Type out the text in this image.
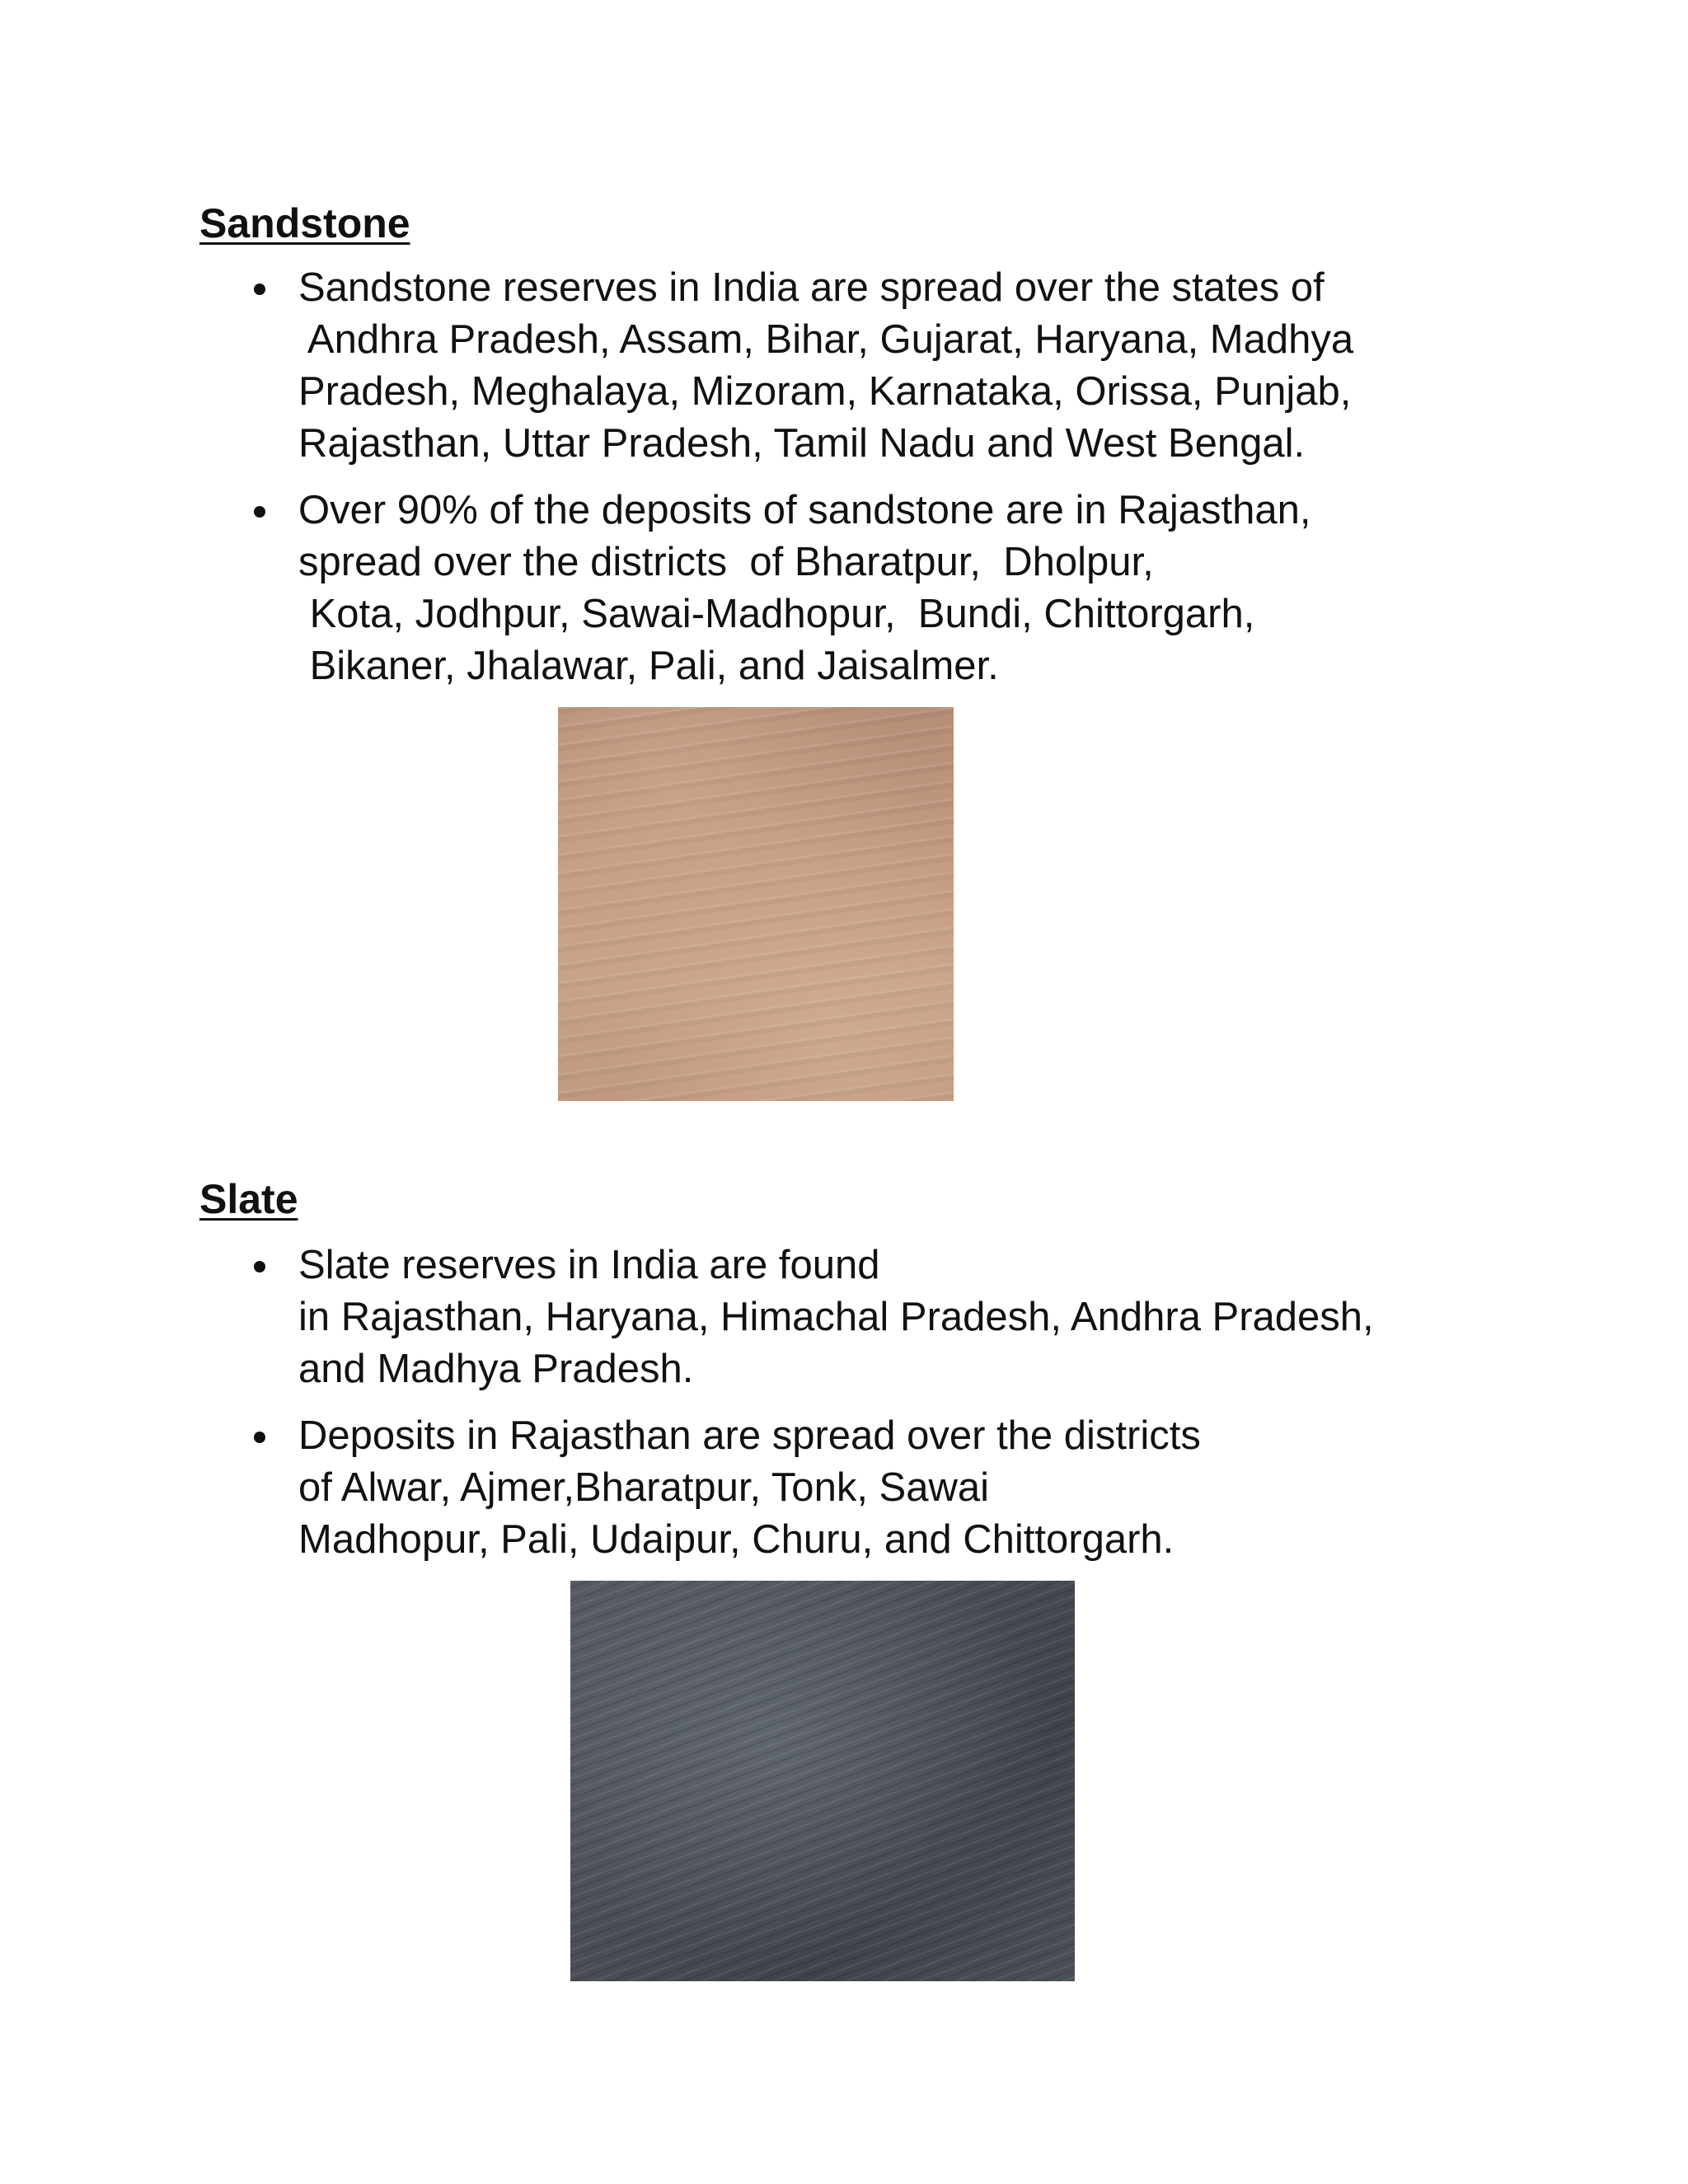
Sandstone
Sandstone reserves in India are spread over the states of
Andhra Pradesh, Assam, Bihar, Gujarat, Haryana, Madhya
Pradesh, Meghalaya, Mizoram, Karnataka, Orissa, Punjab,
Rajasthan, Uttar Pradesh, Tamil Nadu and West Bengal.
Over 90% of the deposits of sandstone are in Rajasthan,
spread over the districts  of Bharatpur,  Dholpur,
Kota, Jodhpur, Sawai-Madhopur,  Bundi, Chittorgarh,
Bikaner, Jhalawar, Pali, and Jaisalmer.
Slate
Slate reserves in India are found
in Rajasthan, Haryana, Himachal Pradesh, Andhra Pradesh,
and Madhya Pradesh.
Deposits in Rajasthan are spread over the districts
of Alwar, Ajmer,Bharatpur, Tonk, Sawai
Madhopur, Pali, Udaipur, Churu, and Chittorgarh.
